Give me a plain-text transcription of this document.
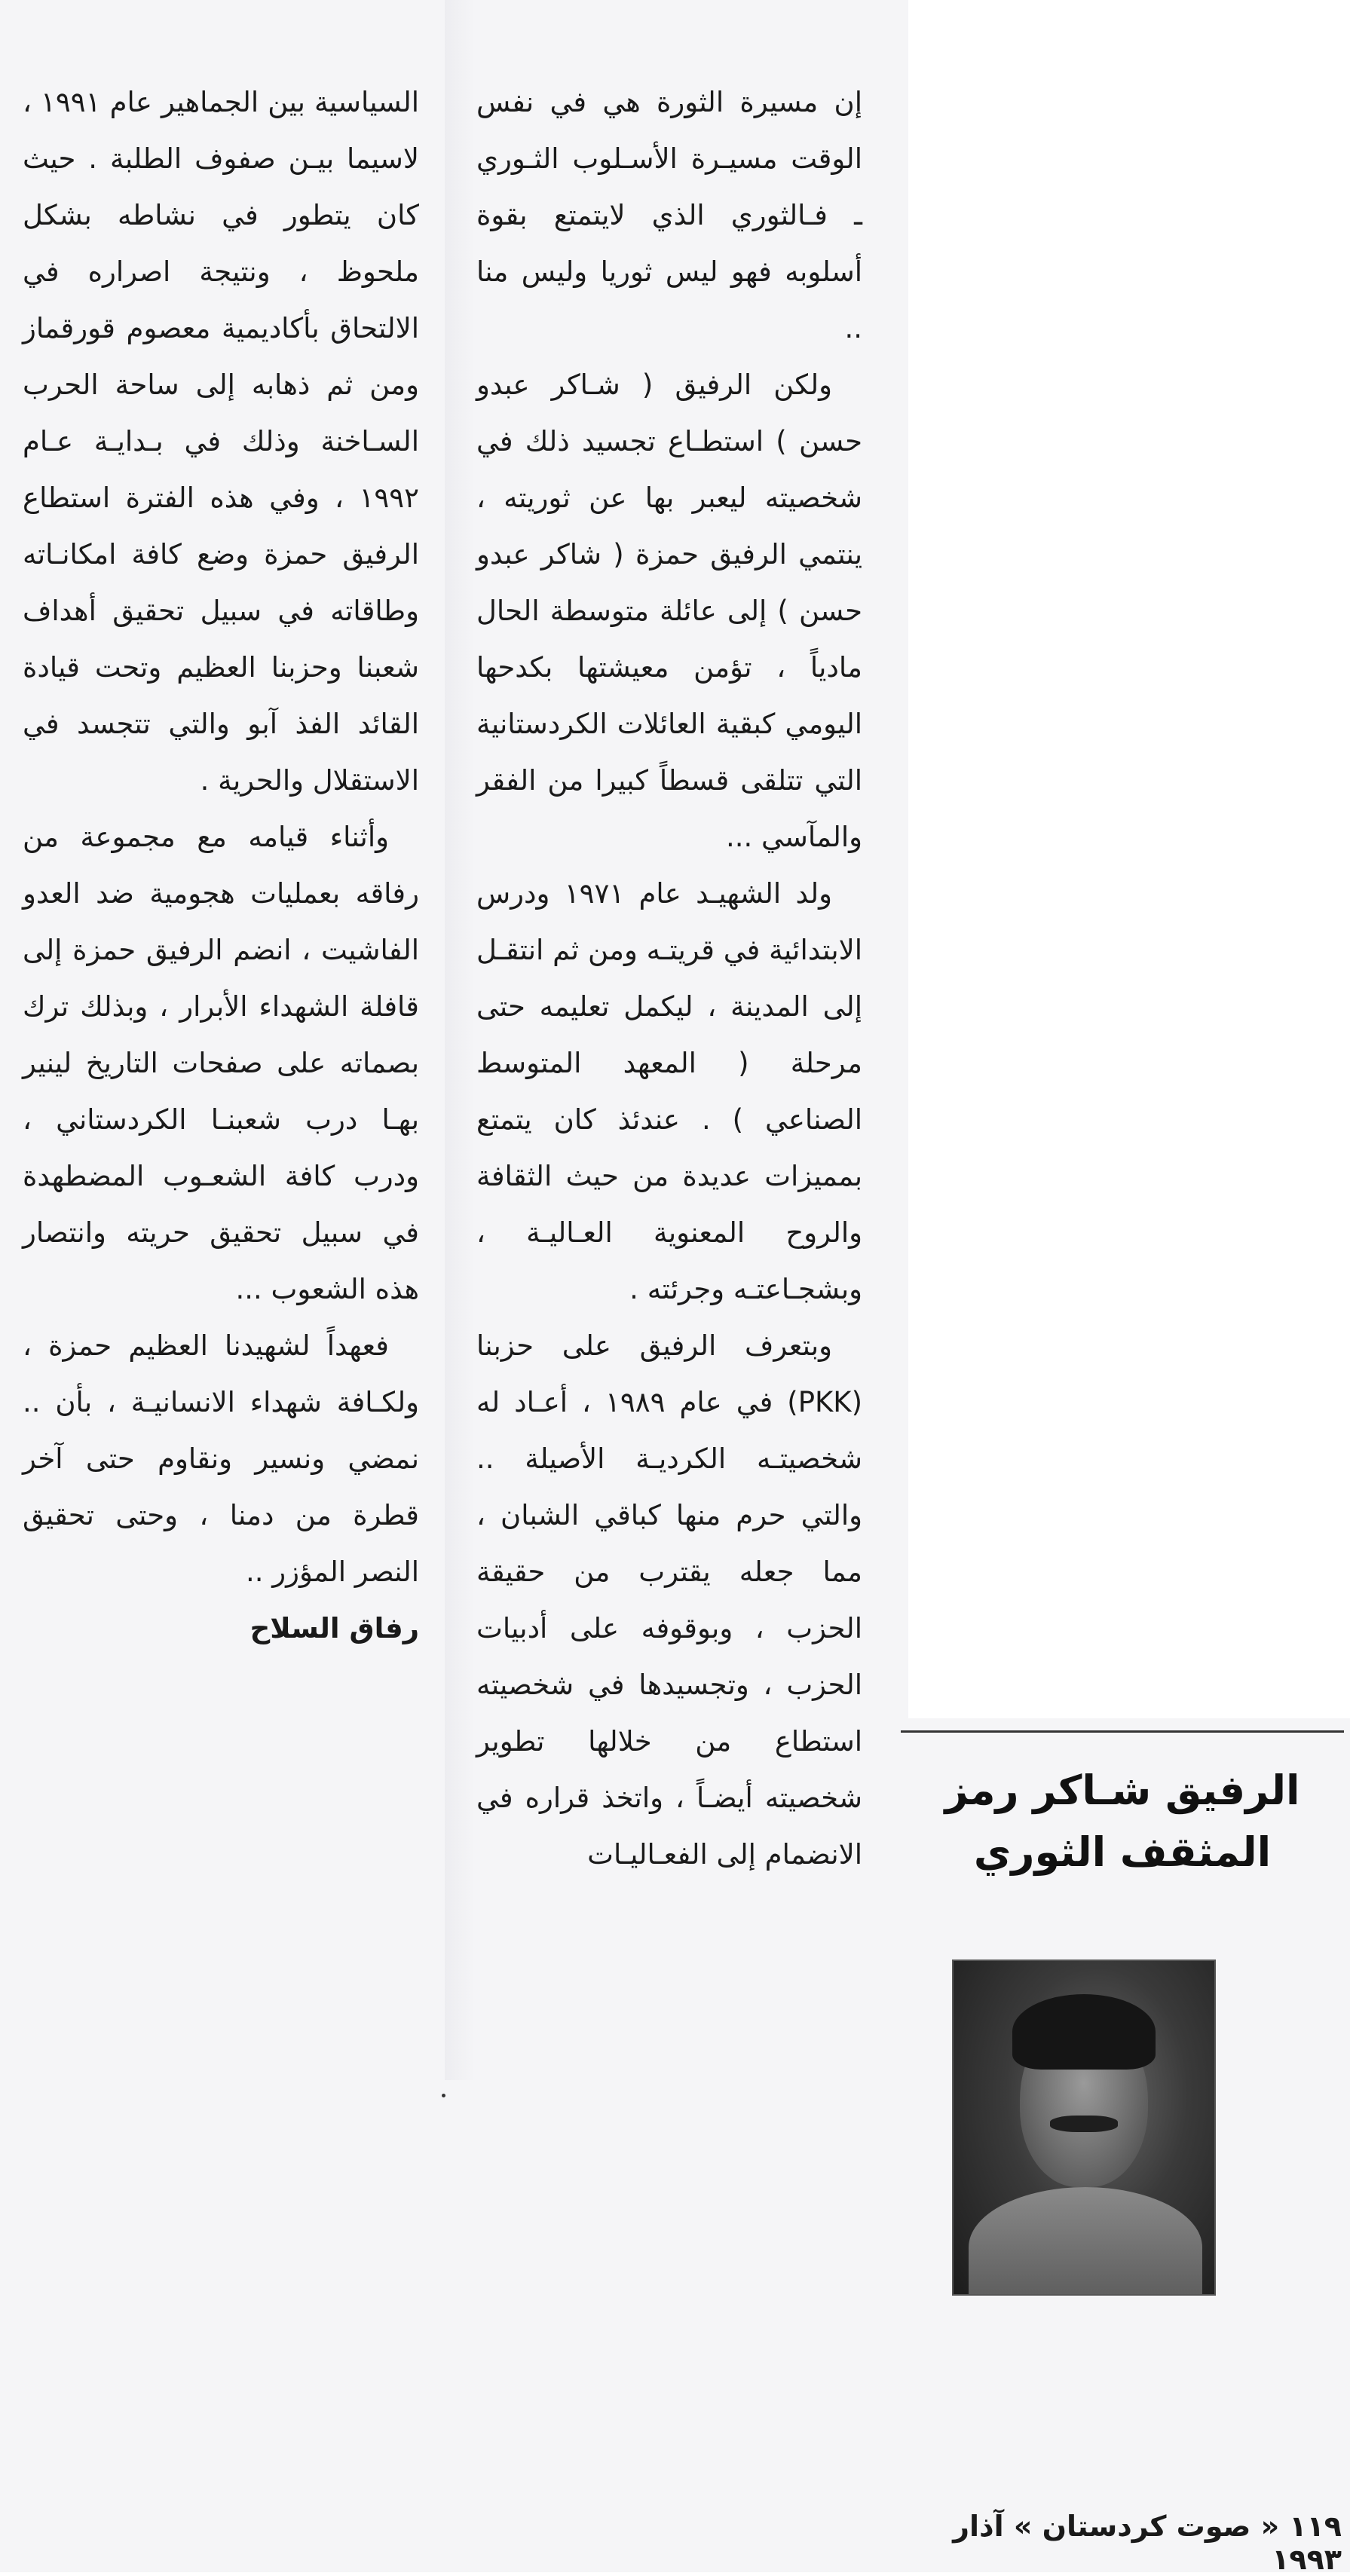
إن مسيرة الثورة هي في نفس الوقت مسيـرة الأسـلوب الثـوري ـ فـالثوري الذي لايتمتع بقوة أسلوبه فهو ليس ثوريا وليس منا ..

ولكن الرفيق ( شـاكر عبدو حسن ) استطـاع تجسيد ذلك في شخصيته ليعبر بها عن ثوريته ، ينتمي الرفيق حمزة ( شاكر عبدو حسن ) إلى عائلة متوسطة الحال مادياً ، تؤمن معيشتها بكدحها اليومي كبقية العائلات الكردستانية التي تتلقى قسطاً كبيرا من الفقر والمآسي ...

ولد الشهيـد عام ١٩٧١ ودرس الابتدائية في قريتـه ومن ثم انتقـل إلى المدينة ، ليكمل تعليمه حتى مرحلة ( المعهد المتوسط الصناعي ) . عندئذ كان يتمتع بمميزات عديدة من حيث الثقافة والروح المعنوية العـاليـة ، وبشجـاعتـه وجرئته .

وبتعرف الرفيق على حزبنا (PKK) في عام ١٩٨٩ ، أعـاد له شخصيتـه الكرديـة الأصيلة .. والتي حرم منها كباقي الشبان ، مما جعله يقترب من حقيقة الحزب ، وبوقوفه على أدبيات الحزب ، وتجسيدها في شخصيته استطاع من خلالها تطوير شخصيته أيضـاً ، واتخذ قراره في الانضمام إلى الفعـاليـات

السياسية بين الجماهير عام ١٩٩١ ، لاسيما بيـن صفوف الطلبة . حيث كان يتطور في نشاطه بشكل ملحوظ ، ونتيجة اصراره في الالتحاق بأكاديمية معصوم قورقماز ومن ثم ذهابه إلى ساحة الحرب السـاخنة وذلك في بـدايـة عـام ١٩٩٢ ، وفي هذه الفترة استطاع الرفيق حمزة وضع كافة امكانـاته وطاقاته في سبيل تحقيق أهداف شعبنا وحزبنا العظيم وتحت قيادة القائد الفذ آبو والتي تتجسد في الاستقلال والحرية .

وأثناء قيامه مع مجموعة من رفاقه بعمليات هجومية ضد العدو الفاشيت ، انضم الرفيق حمزة إلى قافلة الشهداء الأبرار ، وبذلك ترك بصماته على صفحات التاريخ لينير بهـا درب شعبنـا الكردستاني ، ودرب كافة الشعـوب المضطهدة في سبيل تحقيق حريته وانتصار هذه الشعوب ...

فعهداً لشهيدنا العظيم حمزة ، ولكـافة شهداء الانسانيـة ، بأن .. نمضي ونسير ونقاوم حتى آخر قطرة من دمنا ، وحتى تحقيق النصر المؤزر ..

رفاق السلاح

الرفيق شـاكر رمز المثقف الثوري
١١٩ « صوت كردستان » آذار ١٩٩٣
